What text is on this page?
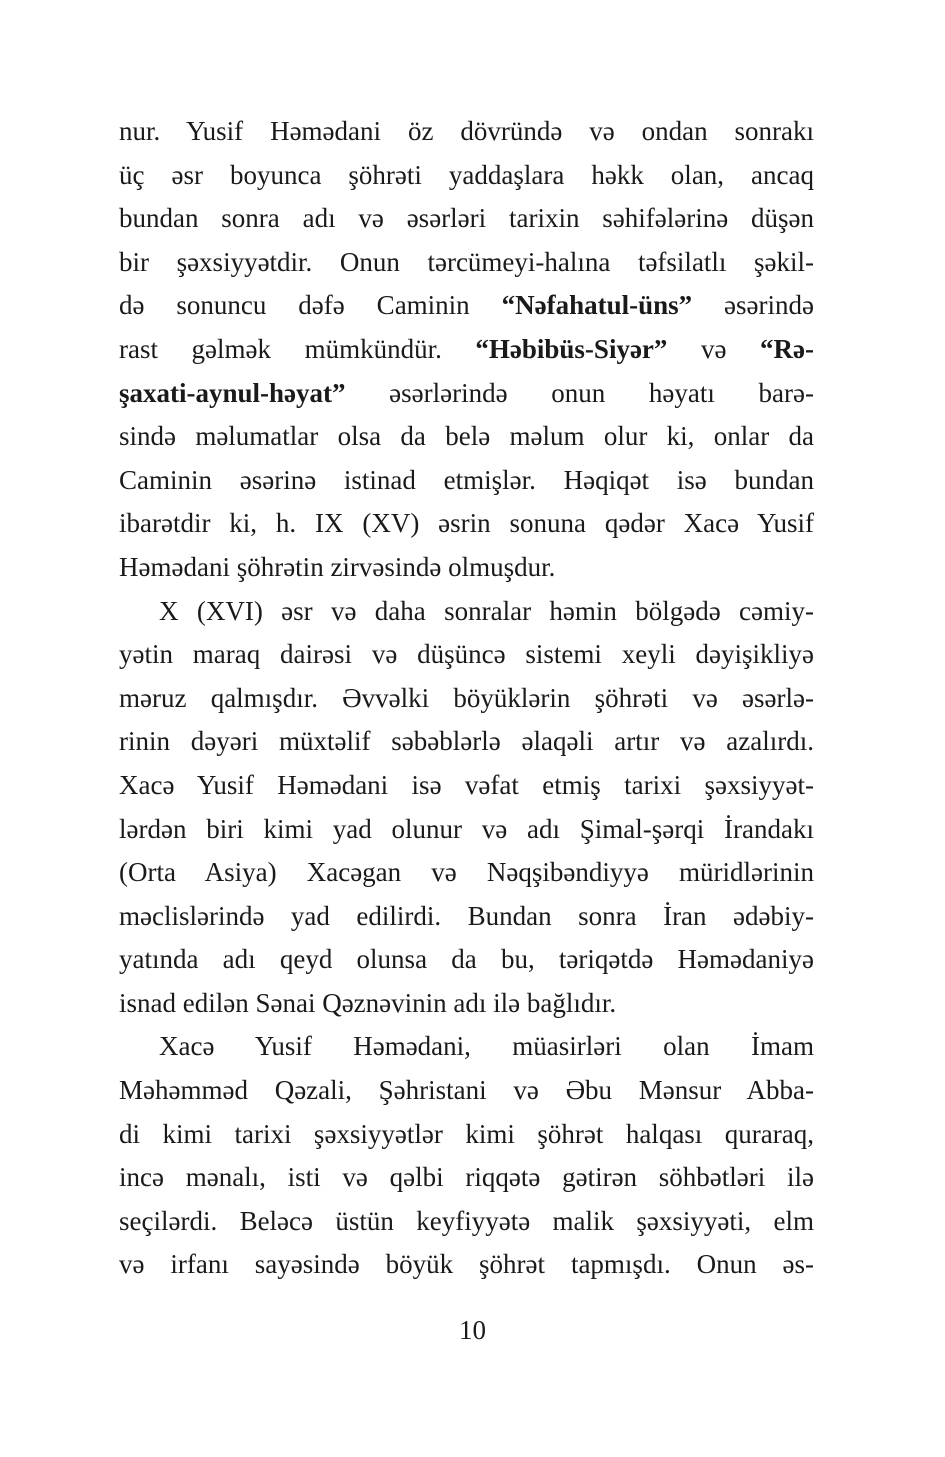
nur. Yusif Həmədani öz dövründə və ondan sonrakı
üç əsr boyunca şöhrəti yaddaşlara həkk olan, ancaq
bundan sonra adı və əsərləri tarixin səhifələrinə düşən
bir şəxsiyyətdir. Onun tərcümeyi-halına təfsilatlı şəkil-
də sonuncu dəfə Caminin “Nəfahatul-üns” əsərində
rast gəlmək mümkündür. “Həbibüs-Siyər” və “Rə-
şaxati-aynul-həyat” əsərlərində onun həyatı barə-
sində məlumatlar olsa da belə məlum olur ki, onlar da
Caminin əsərinə istinad etmişlər. Həqiqət isə bundan
ibarətdir ki, h. IX (XV) əsrin sonuna qədər Xacə Yusif
Həmədani şöhrətin zirvəsində olmuşdur.
X (XVI) əsr və daha sonralar həmin bölgədə cəmiy-
yətin maraq dairəsi və düşüncə sistemi xeyli dəyişikliyə
məruz qalmışdır. Əvvəlki böyüklərin şöhrəti və əsərlə-
rinin dəyəri müxtəlif səbəblərlə əlaqəli artır və azalırdı.
Xacə Yusif Həmədani isə vəfat etmiş tarixi şəxsiyyət-
lərdən biri kimi yad olunur və adı Şimal-şərqi İrandakı
(Orta Asiya) Xacəgan və Nəqşibəndiyyə müridlərinin
məclislərində yad edilirdi. Bundan sonra İran ədəbiy-
yatında adı qeyd olunsa da bu, təriqətdə Həmədaniyə
isnad edilən Sənai Qəznəvinin adı ilə bağlıdır.
Xacə Yusif Həmədani, müasirləri olan İmam
Məhəmməd Qəzali, Şəhristani və Əbu Mənsur Abba-
di kimi tarixi şəxsiyyətlər kimi şöhrət halqası quraraq,
incə mənalı, isti və qəlbi riqqətə gətirən söhbətləri ilə
seçilərdi. Beləcə üstün keyfiyyətə malik şəxsiyyəti, elm
və irfanı sayəsində böyük şöhrət tapmışdı. Onun əs-
10
